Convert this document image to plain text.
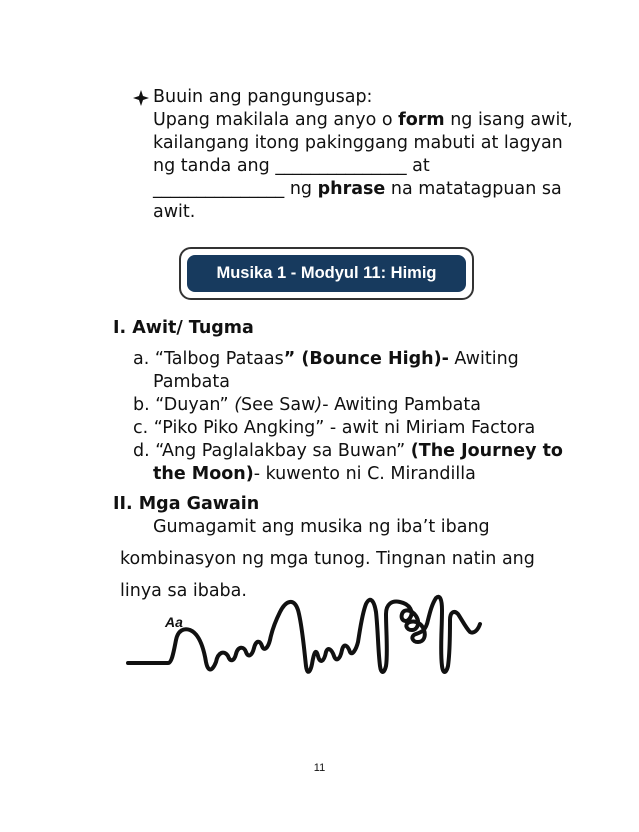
Buuin ang pangungusap:
Upang makilala ang anyo o form ng isang awit,
kailangang itong pakinggang mabuti at lagyan
ng tanda ang _______________ at
_______________ ng phrase na matatagpuan sa
awit.
Musika 1 - Modyul 11: Himig
I. Awit/ Tugma
a. “Talbog Pataas” (Bounce High)- Awiting
Pambata
b. “Duyan” (See Saw)- Awiting Pambata
c. “Piko Piko Angking” - awit ni Miriam Factora
d. “Ang Paglalakbay sa Buwan” (The Journey to
the Moon)- kuwento ni C. Mirandilla
II. Mga Gawain
Gumagamit ang musika ng iba’t ibang
kombinasyon ng mga tunog. Tingnan natin ang
linya sa ibaba.
Aa
11
